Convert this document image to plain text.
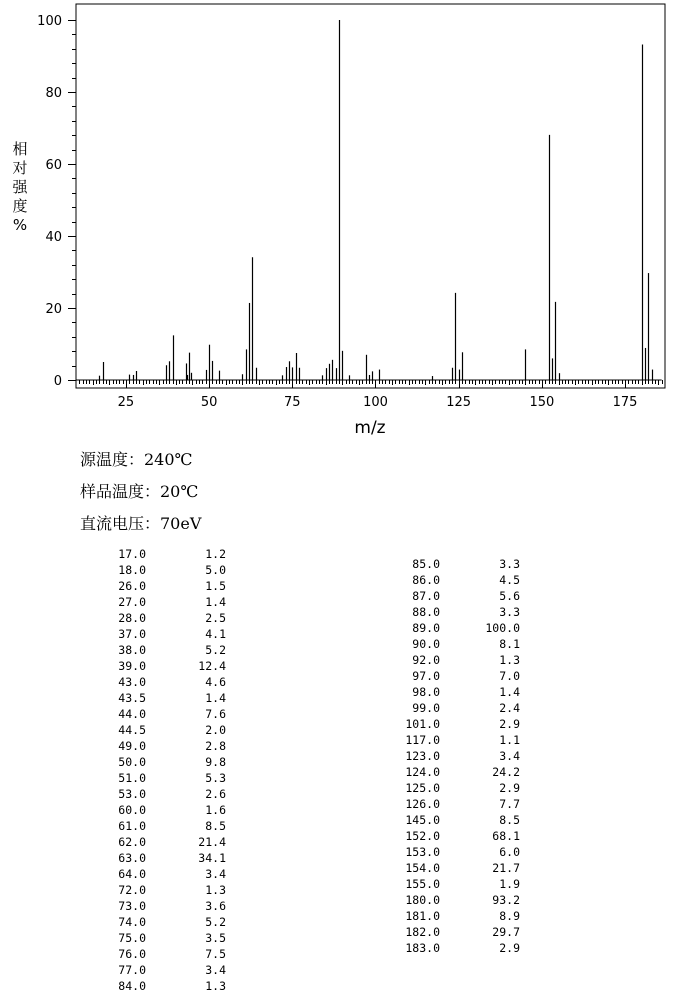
25	50	75	100	125	150	175
0
20
40
60
80
100
m/z
相
对
强
度
%
源温度：240℃
样品温度：20℃
直流电压：70eV
17.0	1.2
18.0	5.0
26.0	1.5
27.0	1.4
28.0	2.5
37.0	4.1
38.0	5.2
39.0	12.4
43.0	4.6
43.5	1.4
44.0	7.6
44.5	2.0
49.0	2.8
50.0	9.8
51.0	5.3
53.0	2.6
60.0	1.6
61.0	8.5
62.0	21.4
63.0	34.1
64.0	3.4
72.0	1.3
73.0	3.6
74.0	5.2
75.0	3.5
76.0	7.5
77.0	3.4
84.0	1.3
85.0	3.3
86.0	4.5
87.0	5.6
88.0	3.3
89.0	100.0
90.0	8.1
92.0	1.3
97.0	7.0
98.0	1.4
99.0	2.4
101.0	2.9
117.0	1.1
123.0	3.4
124.0	24.2
125.0	2.9
126.0	7.7
145.0	8.5
152.0	68.1
153.0	6.0
154.0	21.7
155.0	1.9
180.0	93.2
181.0	8.9
182.0	29.7
183.0	2.9
